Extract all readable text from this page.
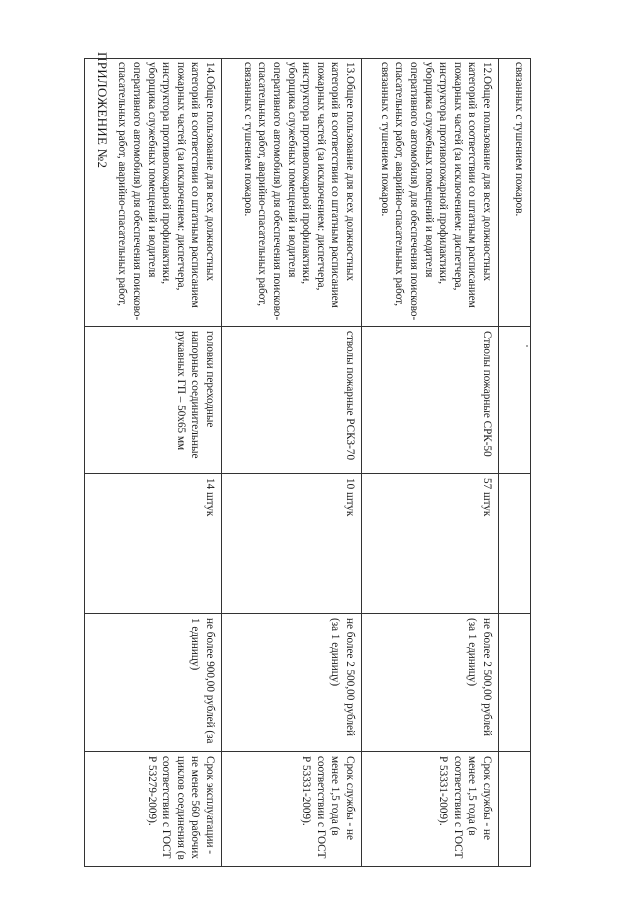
ПРИЛОЖЕНИЕ №2	связанных с тушением пожаров.				

12.Общее пользование для всех должностных категорий в соответствии со штатным расписанием пожарных частей (за исключением: диспетчера, инструктора противопожарной профилактики, уборщика служебных помещений и водителя оперативного автомобиля) для обеспечения поисково-спасательных работ, аварийно-спасательных работ, связанных с тушением пожаров.	Стволы пожарные СРК-50	57 штук	не более 2 500,00 рублей (за 1 единицу)	Срок службы - не менее 1,5 года (в соответствии с ГОСТ Р 53331-2009).

13.Общее пользование для всех должностных категорий в соответствии со штатным расписанием пожарных частей (за исключением: диспетчера, инструктора противопожарной профилактики, уборщика служебных помещений и водителя оперативного автомобиля) для обеспечения поисково-спасательных работ, аварийно-спасательных работ, связанных с тушением пожаров.	стволы пожарные РСКЗ-70	10 штук	не более 2 500,00 рублей (за 1 единицу)	Срок службы - не менее 1,5 года (в соответствии с ГОСТ Р 53331-2009).

14.Общее пользование для всех должностных категорий в соответствии со штатным расписанием пожарных частей (за исключением: диспетчера, инструктора противопожарной профилактики, уборщика служебных помещений и водителя оперативного автомобиля) для обеспечения поисково-спасательных работ, аварийно-спасательных работ,	головки переходные напорные соединительные рукавных ГП – 50х65 мм	14 штук	не более 900,00 рублей (за 1 единицу)	Срок эксплуатации - не менее 560 рабочих циклов соединения (в соответствии с ГОСТ Р 53279-2009).
